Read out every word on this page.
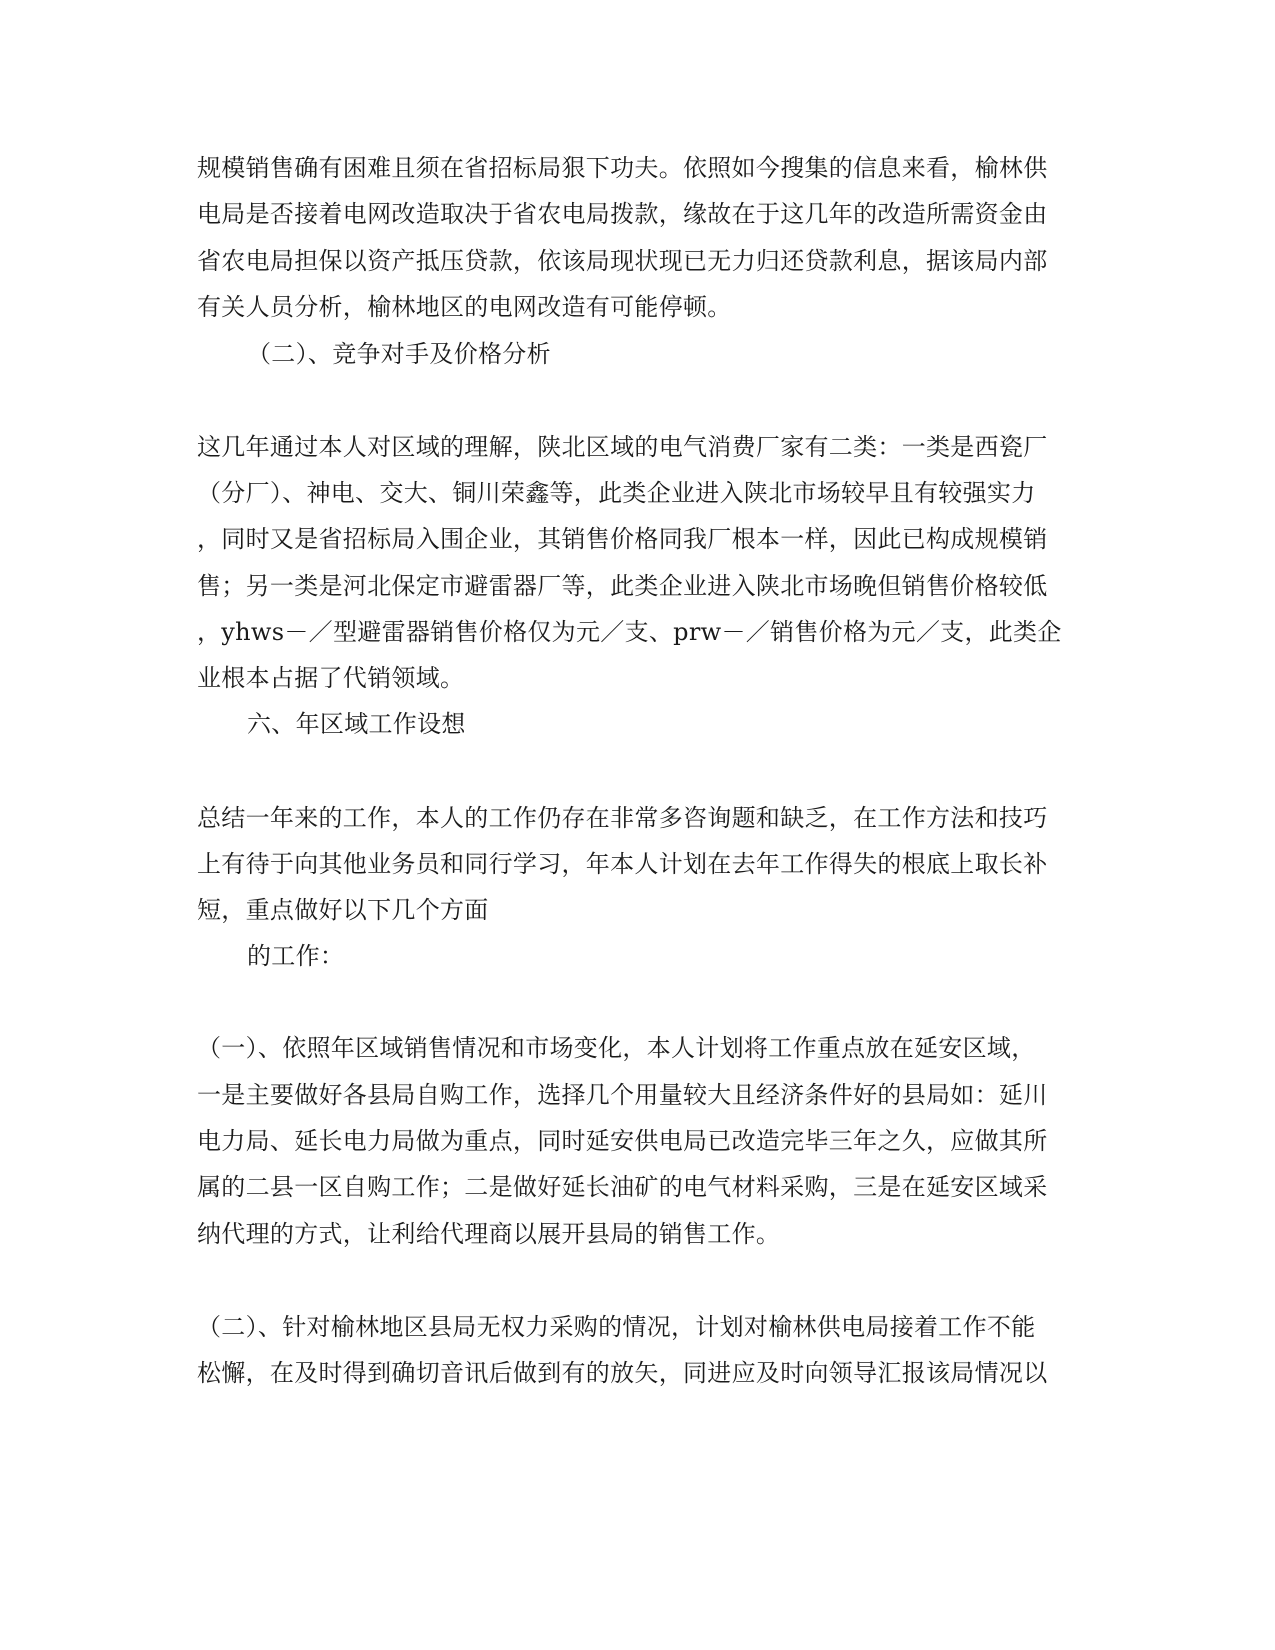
规模销售确有困难且须在省招标局狠下功夫。依照如今搜集的信息来看，榆林供
电局是否接着电网改造取决于省农电局拨款，缘故在于这几年的改造所需资金由
省农电局担保以资产抵压贷款，依该局现状现已无力归还贷款利息，据该局内部
有关人员分析，榆林地区的电网改造有可能停顿。
（二）、竞争对手及价格分析
这几年通过本人对区域的理解，陕北区域的电气消费厂家有二类：一类是西瓷厂
（分厂）、神电、交大、铜川荣鑫等，此类企业进入陕北市场较早且有较强实力
，同时又是省招标局入围企业，其销售价格同我厂根本一样，因此已构成规模销
售；另一类是河北保定市避雷器厂等，此类企业进入陕北市场晚但销售价格较低
，yhws－／型避雷器销售价格仅为元／支、prw－／销售价格为元／支，此类企
业根本占据了代销领域。
六、年区域工作设想
总结一年来的工作，本人的工作仍存在非常多咨询题和缺乏，在工作方法和技巧
上有待于向其他业务员和同行学习，年本人计划在去年工作得失的根底上取长补
短，重点做好以下几个方面
的工作：
（一）、依照年区域销售情况和市场变化，本人计划将工作重点放在延安区域，
一是主要做好各县局自购工作，选择几个用量较大且经济条件好的县局如：延川
电力局、延长电力局做为重点，同时延安供电局已改造完毕三年之久，应做其所
属的二县一区自购工作；二是做好延长油矿的电气材料采购，三是在延安区域采
纳代理的方式，让利给代理商以展开县局的销售工作。
（二）、针对榆林地区县局无权力采购的情况，计划对榆林供电局接着工作不能
松懈，在及时得到确切音讯后做到有的放矢，同进应及时向领导汇报该局情况以
